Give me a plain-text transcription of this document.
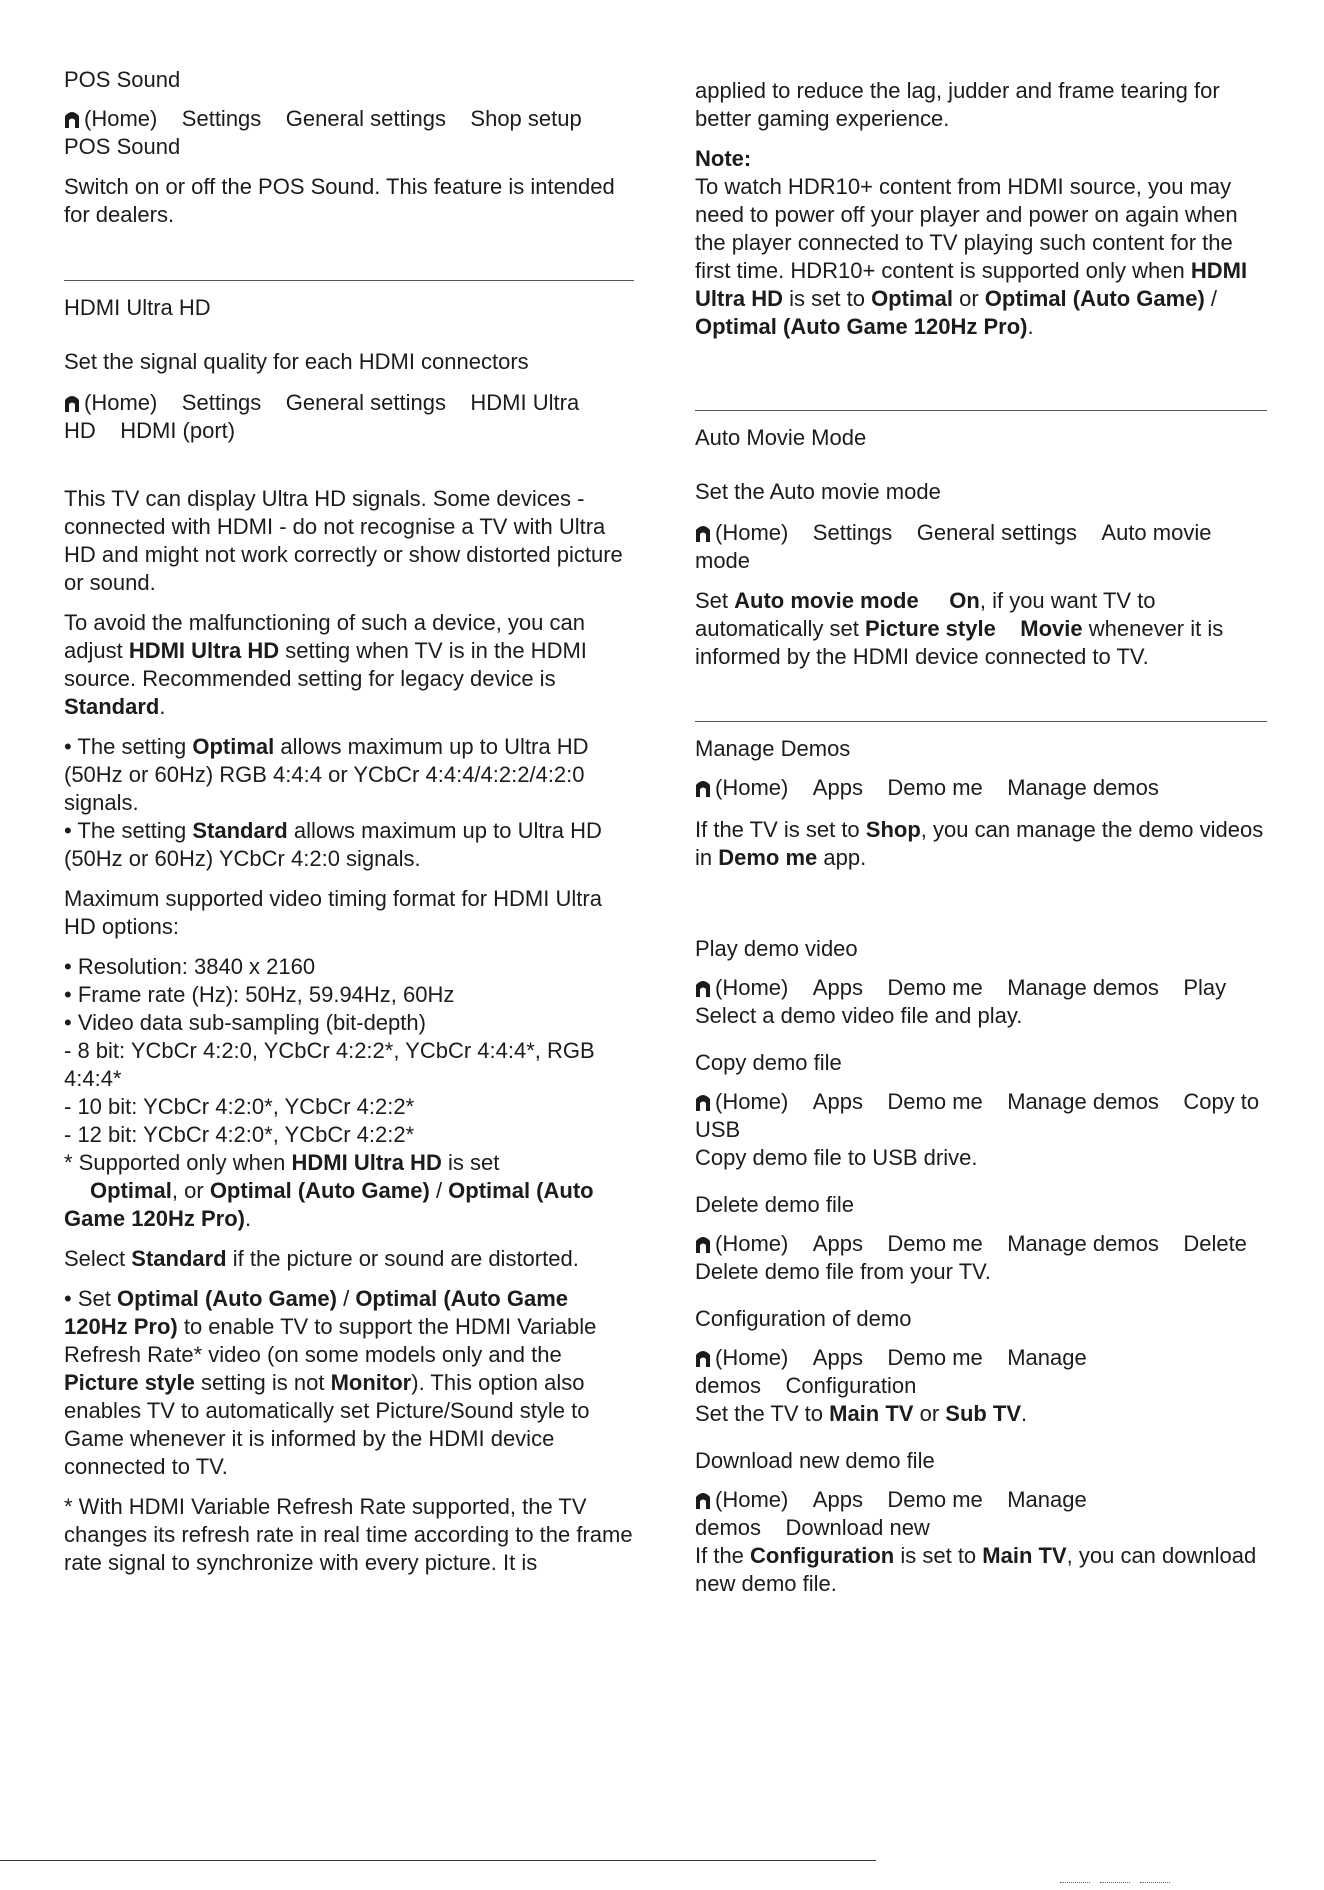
POS Sound

(Home) Settings General settings Shop setup
POS Sound

Switch on or off the POS Sound. This feature is intended for dealers.

HDMI Ultra HD

Set the signal quality for each HDMI connectors

(Home) Settings General settings HDMI Ultra HD HDMI (port)

This TV can display Ultra HD signals. Some devices - connected with HDMI - do not recognise a TV with Ultra HD and might not work correctly or show distorted picture or sound.

To avoid the malfunctioning of such a device, you can adjust HDMI Ultra HD setting when TV is in the HDMI source. Recommended setting for legacy device is Standard.

• The setting Optimal allows maximum up to Ultra HD (50Hz or 60Hz) RGB 4:4:4 or YCbCr 4:4:4/4:2:2/4:2:0 signals.

• The setting Standard allows maximum up to Ultra HD (50Hz or 60Hz) YCbCr 4:2:0 signals.

Maximum supported video timing format for HDMI Ultra HD options:

• Resolution: 3840 x 2160
• Frame rate (Hz): 50Hz, 59.94Hz, 60Hz
• Video data sub-sampling (bit-depth)
- 8 bit: YCbCr 4:2:0, YCbCr 4:2:2*, YCbCr 4:4:4*, RGB 4:4:4*
- 10 bit: YCbCr 4:2:0*, YCbCr 4:2:2*
- 12 bit: YCbCr 4:2:0*, YCbCr 4:2:2*

* Supported only when HDMI Ultra HD is set
Optimal, or Optimal (Auto Game) / Optimal (Auto Game 120Hz Pro).

Select Standard if the picture or sound are distorted.

• Set Optimal (Auto Game) / Optimal (Auto Game 120Hz Pro) to enable TV to support the HDMI Variable Refresh Rate* video (on some models only and the Picture style setting is not Monitor). This option also enables TV to automatically set Picture/Sound style to Game whenever it is informed by the HDMI device connected to TV.

* With HDMI Variable Refresh Rate supported, the TV changes its refresh rate in real time according to the frame rate signal to synchronize with every picture. It is

applied to reduce the lag, judder and frame tearing for better gaming experience.

Note:

To watch HDR10+ content from HDMI source, you may need to power off your player and power on again when the player connected to TV playing such content for the first time. HDR10+ content is supported only when HDMI Ultra HD is set to Optimal or Optimal (Auto Game) / Optimal (Auto Game 120Hz Pro).

Auto Movie Mode

Set the Auto movie mode

(Home) Settings General settings Auto movie mode

Set Auto movie mode On, if you want TV to automatically set Picture style Movie whenever it is informed by the HDMI device connected to TV.

Manage Demos

(Home) Apps Demo me Manage demos

If the TV is set to Shop, you can manage the demo videos in Demo me app.

Play demo video

(Home) Apps Demo me Manage demos Play

Select a demo video file and play.

Copy demo file

(Home) Apps Demo me Manage demos Copy to USB

Copy demo file to USB drive.

Delete demo file

(Home) Apps Demo me Manage demos Delete

Delete demo file from your TV.

Configuration of demo

(Home) Apps Demo me Manage demos Configuration

Set the TV to Main TV or Sub TV.

Download new demo file

(Home) Apps Demo me Manage demos Download new

If the Configuration is set to Main TV, you can download new demo file.
